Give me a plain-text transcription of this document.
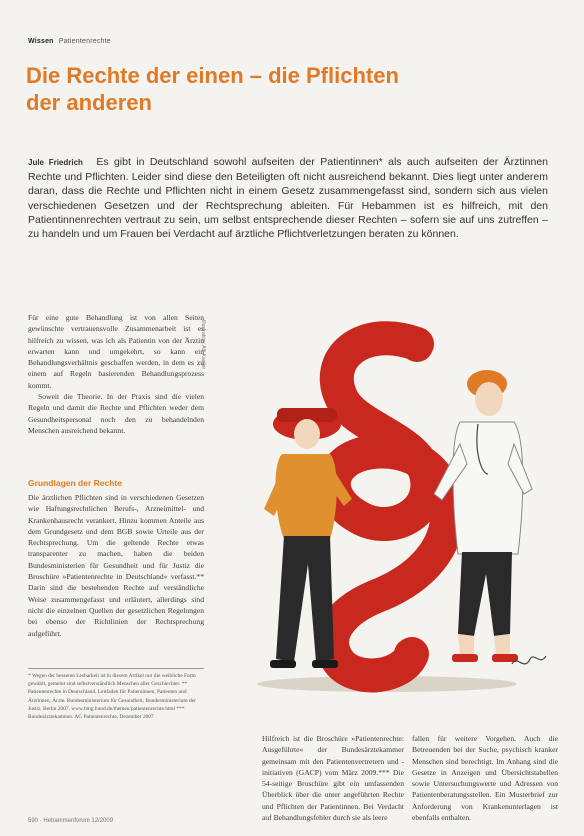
Wissen Patientenrechte
Die Rechte der einen – die Pflichten
der anderen
Jule Friedrich Es gibt in Deutschland sowohl aufseiten der Patientinnen* als auch aufseiten der Ärztinnen Rechte und Pflichten. Leider sind diese den Beteiligten oft nicht ausreichend bekannt. Dies liegt unter anderem daran, dass die Rechte und Pflichten nicht in einem Gesetz zusammengefasst sind, sondern sich aus vielen verschiedenen Gesetzen und der Rechtsprechung ableiten. Für Hebammen ist es hilfreich, mit den Patientinnenrechten vertraut zu sein, um selbst entsprechende dieser Rechten – sofern sie auf uns zutreffen – zu handeln und um Frauen bei Verdacht auf ärztliche Pflichtverletzungen beraten zu können.

Für eine gute Behandlung ist von allen Seiten gewünschte vertrauensvolle Zusammenarbeit ist es hilfreich zu wissen, was ich als Patientin von der Ärztin erwarten kann und umgekehrt, so kann ein Behandlungsverhältnis geschaffen werden, in dem es zu einem auf Regeln basierenden Behandlungsprozess kommt.

Soweit die Theorie. In der Praxis sind die vielen Regeln und damit die Rechte und Pflichten weder dem Gesundheitspersonal noch den zu behandelnden Menschen ausreichend bekannt.

Grundlagen der Rechte
Die ärztlichen Pflichten sind in verschiedenen Gesetzen wie Haftungsrechtlichen Berufs-, Arzneimittel- und Krankenhausrecht verankert. Hinzu kommen Anteile aus dem Grundgesetz und dem BGB sowie Urteile aus der Rechtsprechung. Um die geltende Rechte etwas transparenter zu machen, haben die beiden Bundesministerien für Gesundheit und für Justiz die Broschüre »Patientenrechte in Deutschland« verfasst.** Darin sind die bestehenden Rechte auf verständliche Weise zusammengefasst und erläutert, allerdings sind nicht die einzelnen Quellen der gesetzlichen Regelungen bei ebenso der Richtlinien der Rechtsprechung aufgeführt.
* Wegen der besseren Lesbarkeit ist in diesem Artikel nur die weibliche Form gewählt, gemeint sind selbstverständlich Menschen aller Geschlechter. ** Patientenrechte in Deutschland. Leitfaden für Patientinnen, Patienten und Ärztinnen, Ärzte. Bundesministerium für Gesundheit, Bundesministerium der Justiz, Berlin 2007. www.bmg.bund.de/themen/patientenrechte.html *** Bundesärztekammer. AG Patientenrechte, Dezember 2007
Hilfreich ist die Broschüre »Patientenrechte: Ausgeführte« der Bundesärztekammer gemeinsam mit den Patientenvertretern und -initiativen (GACP) vom März 2009.*** Die 54-seitige Broschüre gibt ein umfassenden Überblick über die unter angeführten Rechte und Pflichten der Patientinnen. Bei Verdacht auf Behandlungsfehler durch sie als leere
fallen für weitere Vorgehen. Auch die Betreuenden bei der Suche, psychisch kranker Menschen sind berechtigt. Im Anhang sind die Gesetze in Anzeigen und Übersichtstabellen sowie Untersuchungswerte und Adressen von Patientenberatungsstellen. Ein Musterbrief zur Anforderung von Krankenunterlagen ist ebenfalls enthalten.
590 · Hebammenforum 12/2009
Illustration: Alfi Kastler
